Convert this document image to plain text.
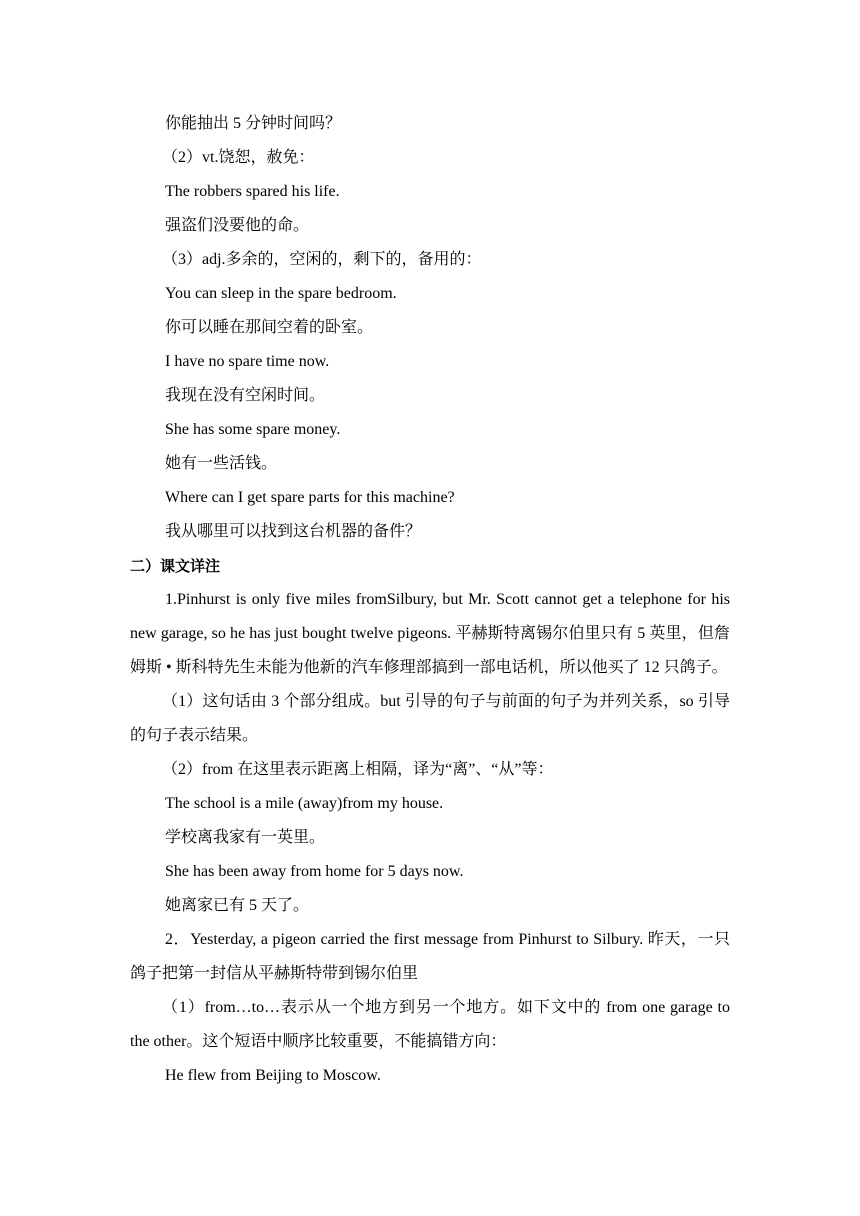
你能抽出 5 分钟时间吗？

（2）vt.饶恕，赦免：

The robbers spared his life.

强盗们没要他的命。

（3）adj.多余的，空闲的，剩下的，备用的：

You can sleep in the spare bedroom.

你可以睡在那间空着的卧室。

I have no spare time now.

我现在没有空闲时间。

She has some spare money.

她有一些活钱。

Where can I get spare parts for this machine?

我从哪里可以找到这台机器的备件？

二）课文详注

1.Pinhurst is only five miles fromSilbury, but Mr. Scott cannot get a telephone for his new garage, so he has just bought twelve pigeons. 平赫斯特离锡尔伯里只有 5 英里，但詹姆斯 • 斯科特先生未能为他新的汽车修理部搞到一部电话机，所以他买了 12 只鸽子。

（1）这句话由 3 个部分组成。but 引导的句子与前面的句子为并列关系，so 引导的句子表示结果。

（2）from 在这里表示距离上相隔，译为“离”、“从”等：

The school is a mile (away)from my house.

学校离我家有一英里。

She has been away from home for 5 days now.

她离家已有 5 天了。

2．Yesterday, a pigeon carried the first message from Pinhurst to Silbury. 昨天，一只鸽子把第一封信从平赫斯特带到锡尔伯里

（1）from…to…表示从一个地方到另一个地方。如下文中的 from one garage to the other。这个短语中顺序比较重要，不能搞错方向：

He flew from Beijing to Moscow.
